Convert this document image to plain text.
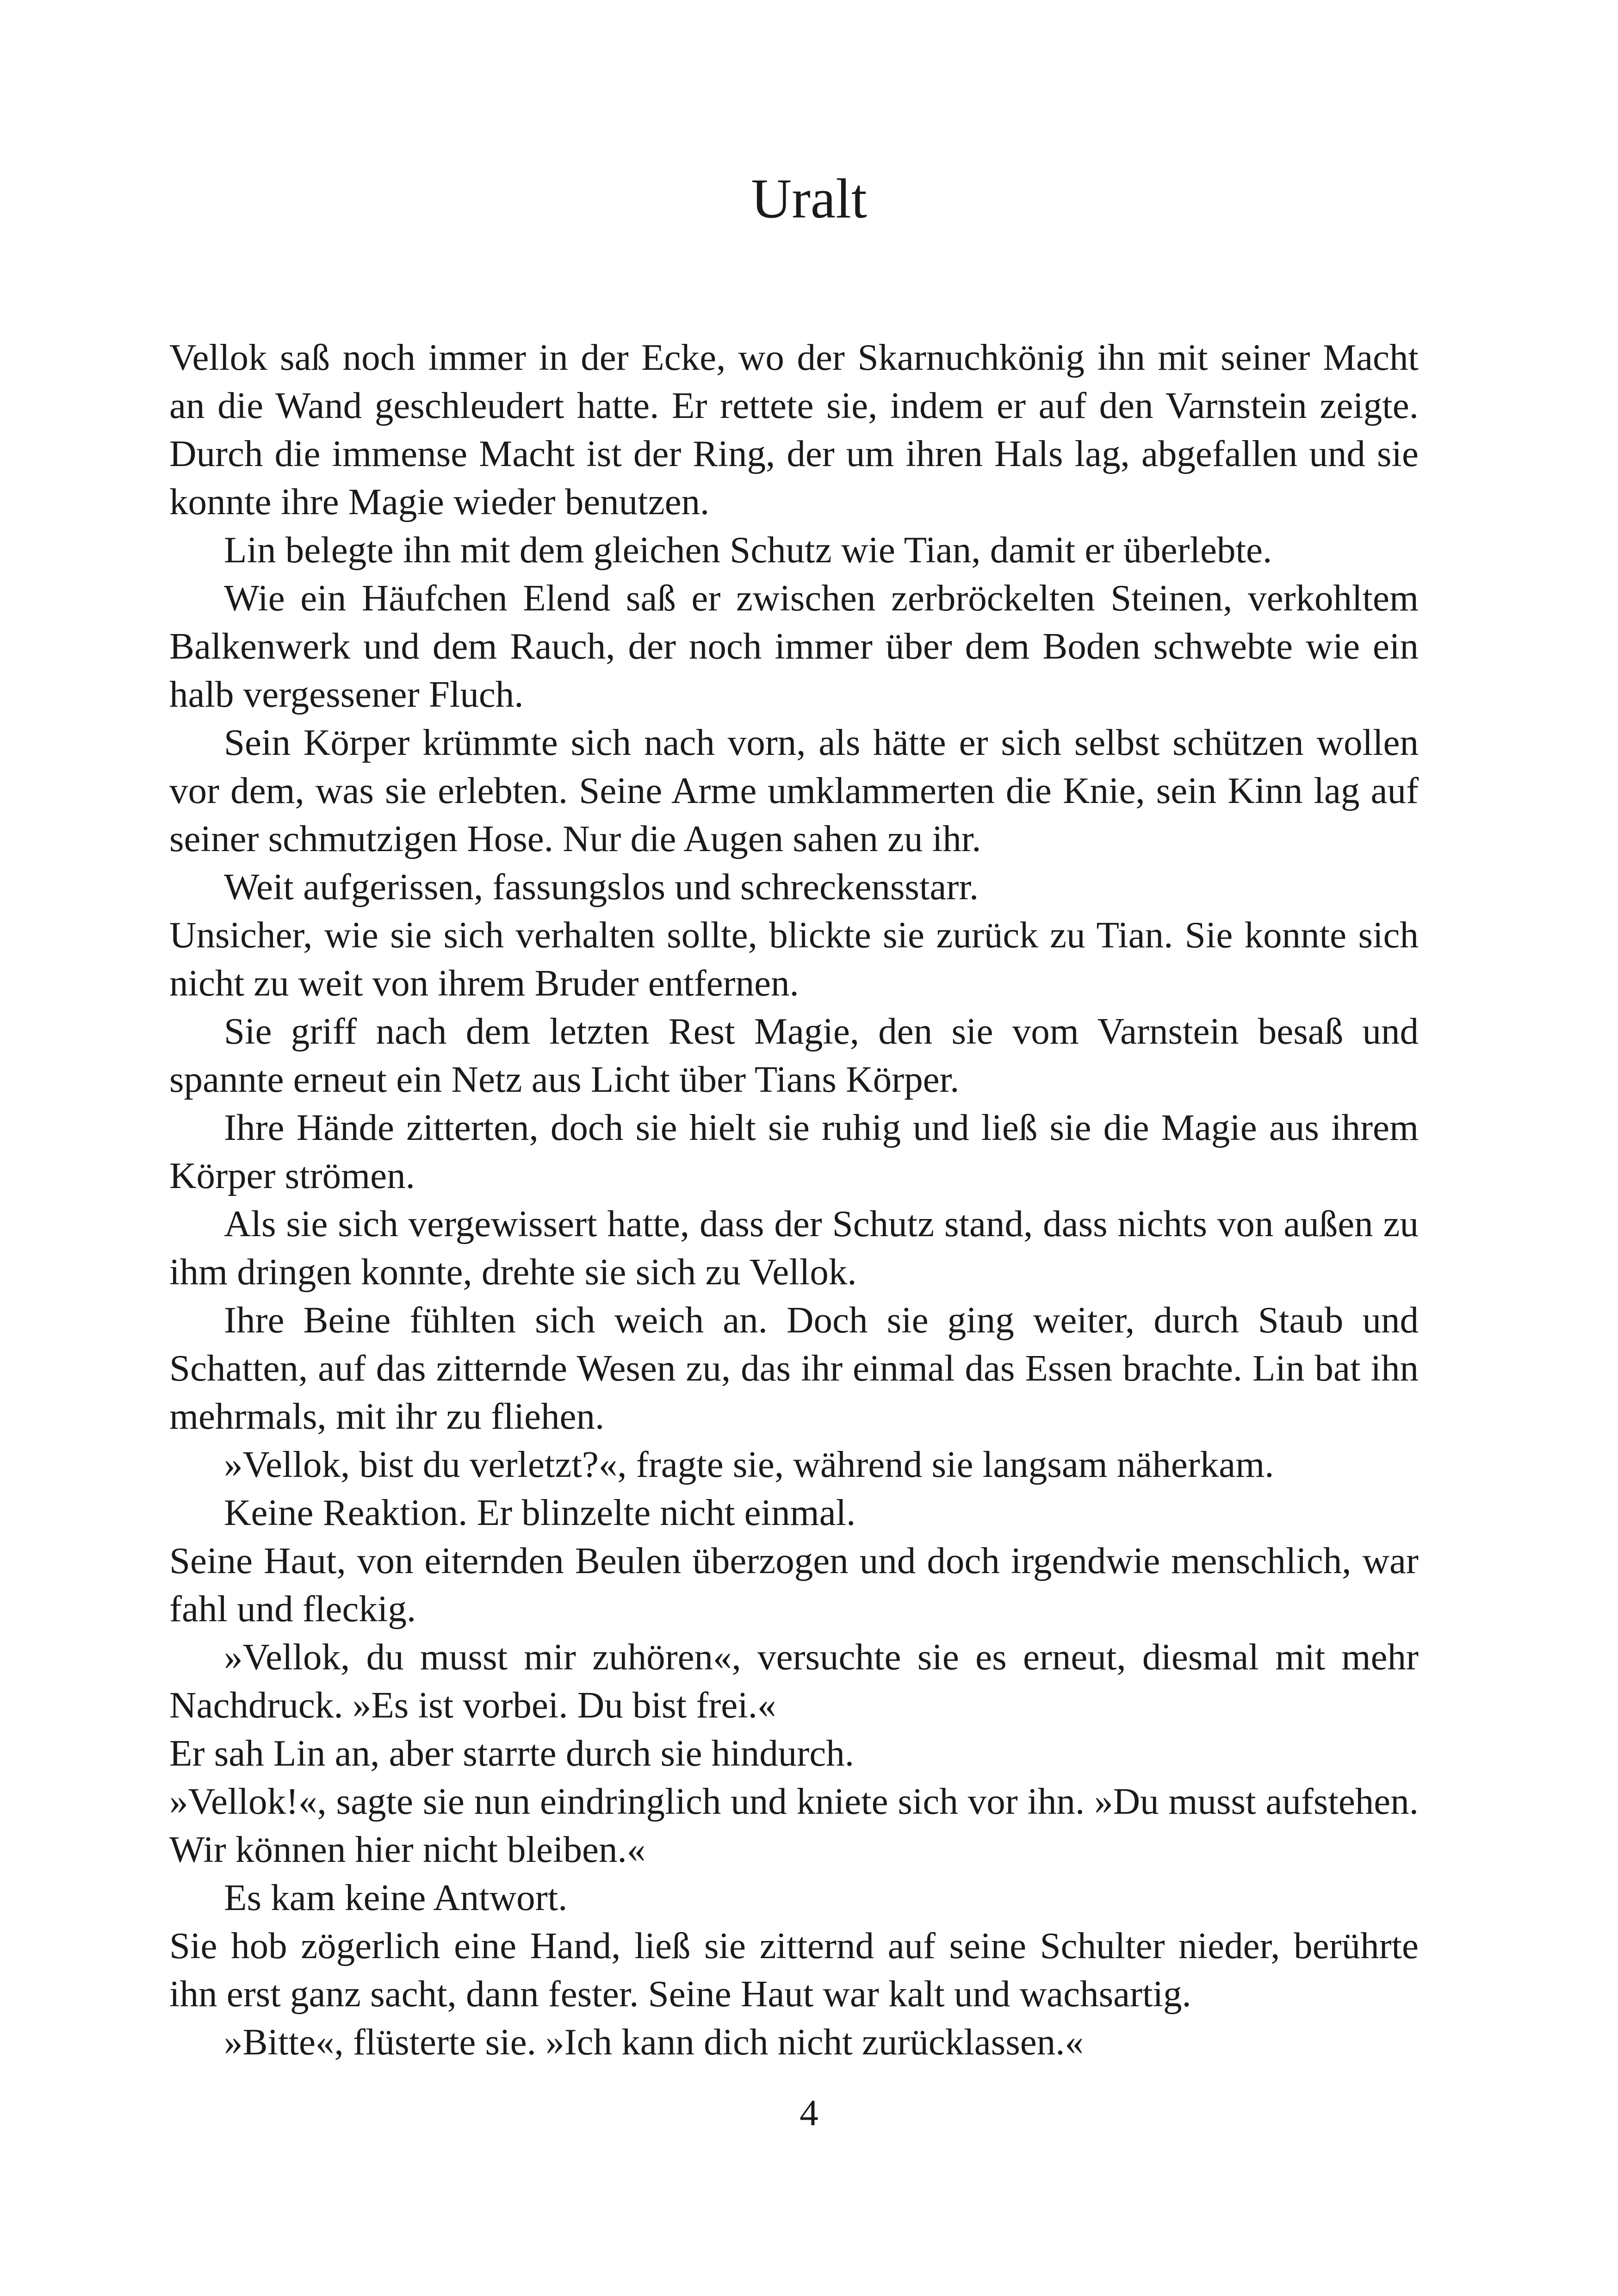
Uralt

Vellok saß noch immer in der Ecke, wo der Skarnuchkönig ihn mit seiner Macht an die Wand geschleudert hatte. Er rettete sie, indem er auf den Varnstein zeigte. Durch die immense Macht ist der Ring, der um ihren Hals lag, abgefallen und sie konnte ihre Magie wieder benutzen.

Lin belegte ihn mit dem gleichen Schutz wie Tian, damit er überlebte.

Wie ein Häufchen Elend saß er zwischen zerbröckelten Steinen, verkohltem Balkenwerk und dem Rauch, der noch immer über dem Boden schwebte wie ein halb vergessener Fluch.

Sein Körper krümmte sich nach vorn, als hätte er sich selbst schützen wollen vor dem, was sie erlebten. Seine Arme umklammerten die Knie, sein Kinn lag auf seiner schmutzigen Hose. Nur die Augen sahen zu ihr.

Weit aufgerissen, fassungslos und schreckensstarr.

Unsicher, wie sie sich verhalten sollte, blickte sie zurück zu Tian. Sie konnte sich nicht zu weit von ihrem Bruder entfernen.

Sie griff nach dem letzten Rest Magie, den sie vom Varnstein besaß und spannte erneut ein Netz aus Licht über Tians Körper.

Ihre Hände zitterten, doch sie hielt sie ruhig und ließ sie die Magie aus ihrem Körper strömen.

Als sie sich vergewissert hatte, dass der Schutz stand, dass nichts von außen zu ihm dringen konnte, drehte sie sich zu Vellok.

Ihre Beine fühlten sich weich an. Doch sie ging weiter, durch Staub und Schatten, auf das zitternde Wesen zu, das ihr einmal das Essen brachte. Lin bat ihn mehrmals, mit ihr zu fliehen.

»Vellok, bist du verletzt?«, fragte sie, während sie langsam näherkam.

Keine Reaktion. Er blinzelte nicht einmal.

Seine Haut, von eiternden Beulen überzogen und doch irgendwie menschlich, war fahl und fleckig.

»Vellok, du musst mir zuhören«, versuchte sie es erneut, diesmal mit mehr Nachdruck. »Es ist vorbei. Du bist frei.«

Er sah Lin an, aber starrte durch sie hindurch.

»Vellok!«, sagte sie nun eindringlich und kniete sich vor ihn. »Du musst aufstehen. Wir können hier nicht bleiben.«

Es kam keine Antwort.

Sie hob zögerlich eine Hand, ließ sie zitternd auf seine Schulter nieder, berührte ihn erst ganz sacht, dann fester. Seine Haut war kalt und wachsartig.

»Bitte«, flüsterte sie. »Ich kann dich nicht zurücklassen.«

4
